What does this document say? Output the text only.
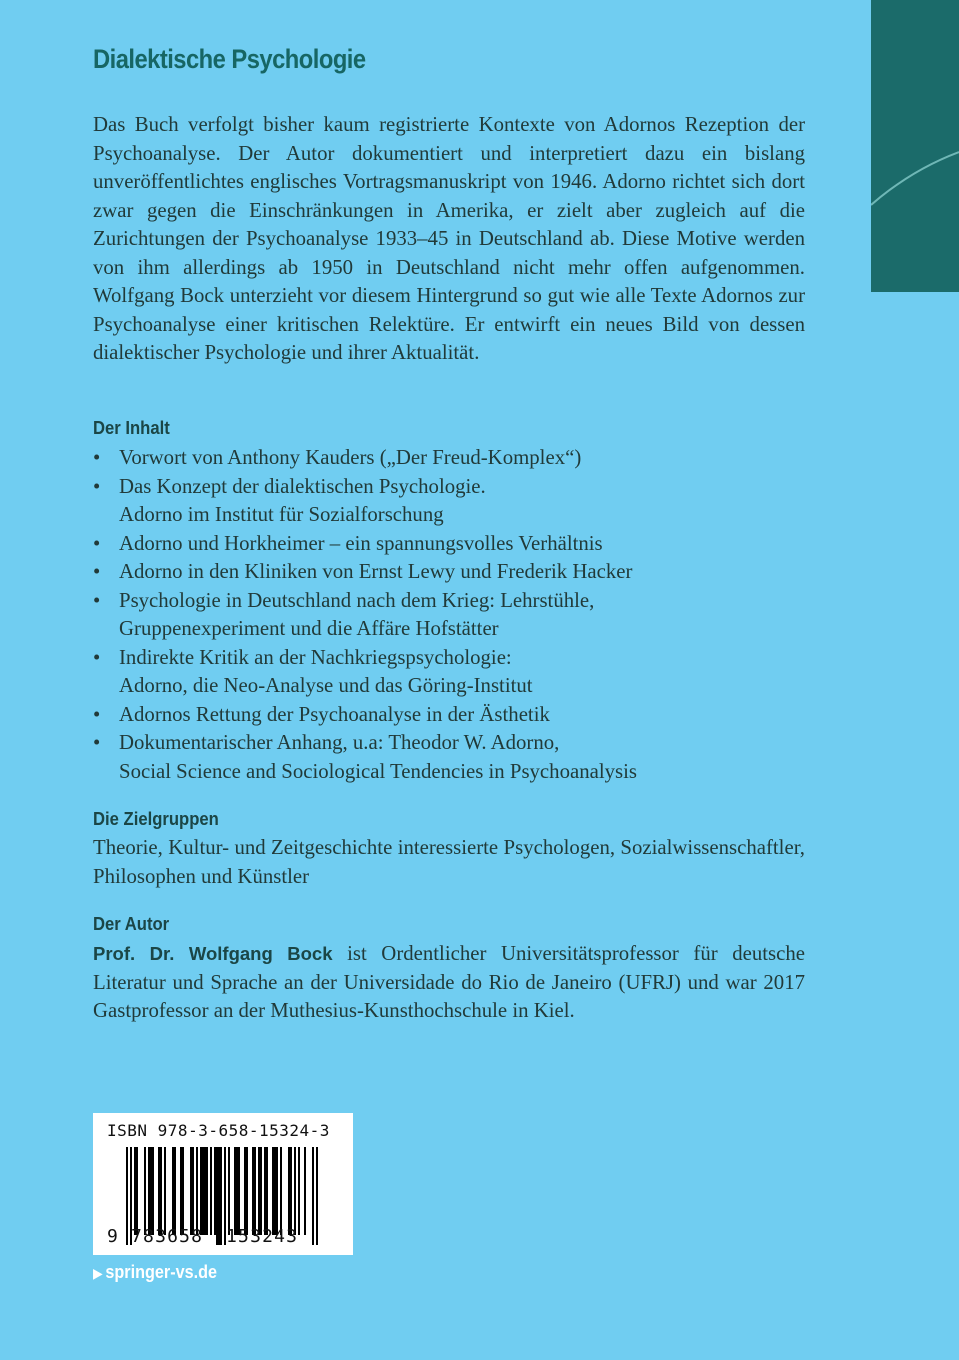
Dialektische Psychologie

Das Buch verfolgt bisher kaum registrierte Kontexte von Adornos Rezeption der Psychoanalyse. Der Autor dokumentiert und interpretiert dazu ein bislang unveröffentlichtes englisches Vortragsmanuskript von 1946. Adorno richtet sich dort zwar gegen die Einschränkungen in Amerika, er zielt aber zugleich auf die Zurichtungen der Psychoanalyse 1933–45 in Deutschland ab. Diese Motive werden von ihm allerdings ab 1950 in Deutschland nicht mehr offen aufgenommen. Wolfgang Bock unterzieht vor diesem Hintergrund so gut wie alle Texte Adornos zur Psychoanalyse einer kritischen Relektüre. Er entwirft ein neues Bild von dessen dialektischer Psychologie und ihrer Aktualität.

Der Inhalt
• Vorwort von Anthony Kauders („Der Freud-Komplex“)
• Das Konzept der dialektischen Psychologie.
Adorno im Institut für Sozialforschung
• Adorno und Horkheimer – ein spannungsvolles Verhältnis
• Adorno in den Kliniken von Ernst Lewy und Frederik Hacker
• Psychologie in Deutschland nach dem Krieg: Lehrstühle,
Gruppenexperiment und die Affäre Hofstätter
• Indirekte Kritik an der Nachkriegspsychologie:
Adorno, die Neo-Analyse und das Göring-Institut
• Adornos Rettung der Psychoanalyse in der Ästhetik
• Dokumentarischer Anhang, u.a: Theodor W. Adorno,
Social Science and Sociological Tendencies in Psychoanalysis
Die Zielgruppen

Theorie, Kultur- und Zeitgeschichte interessierte Psychologen, Sozialwissenschaftler, Philosophen und Künstler

Der Autor

Prof. Dr. Wolfgang Bock ist Ordentlicher Universitätsprofessor für deutsche Literatur und Sprache an der Universidade do Rio de Janeiro (UFRJ) und war 2017 Gastprofessor an der Muthesius-Kunsthochschule in Kiel.

ISBN 978-3-658-15324-3
9 783658 153243
▶ springer-vs.de
